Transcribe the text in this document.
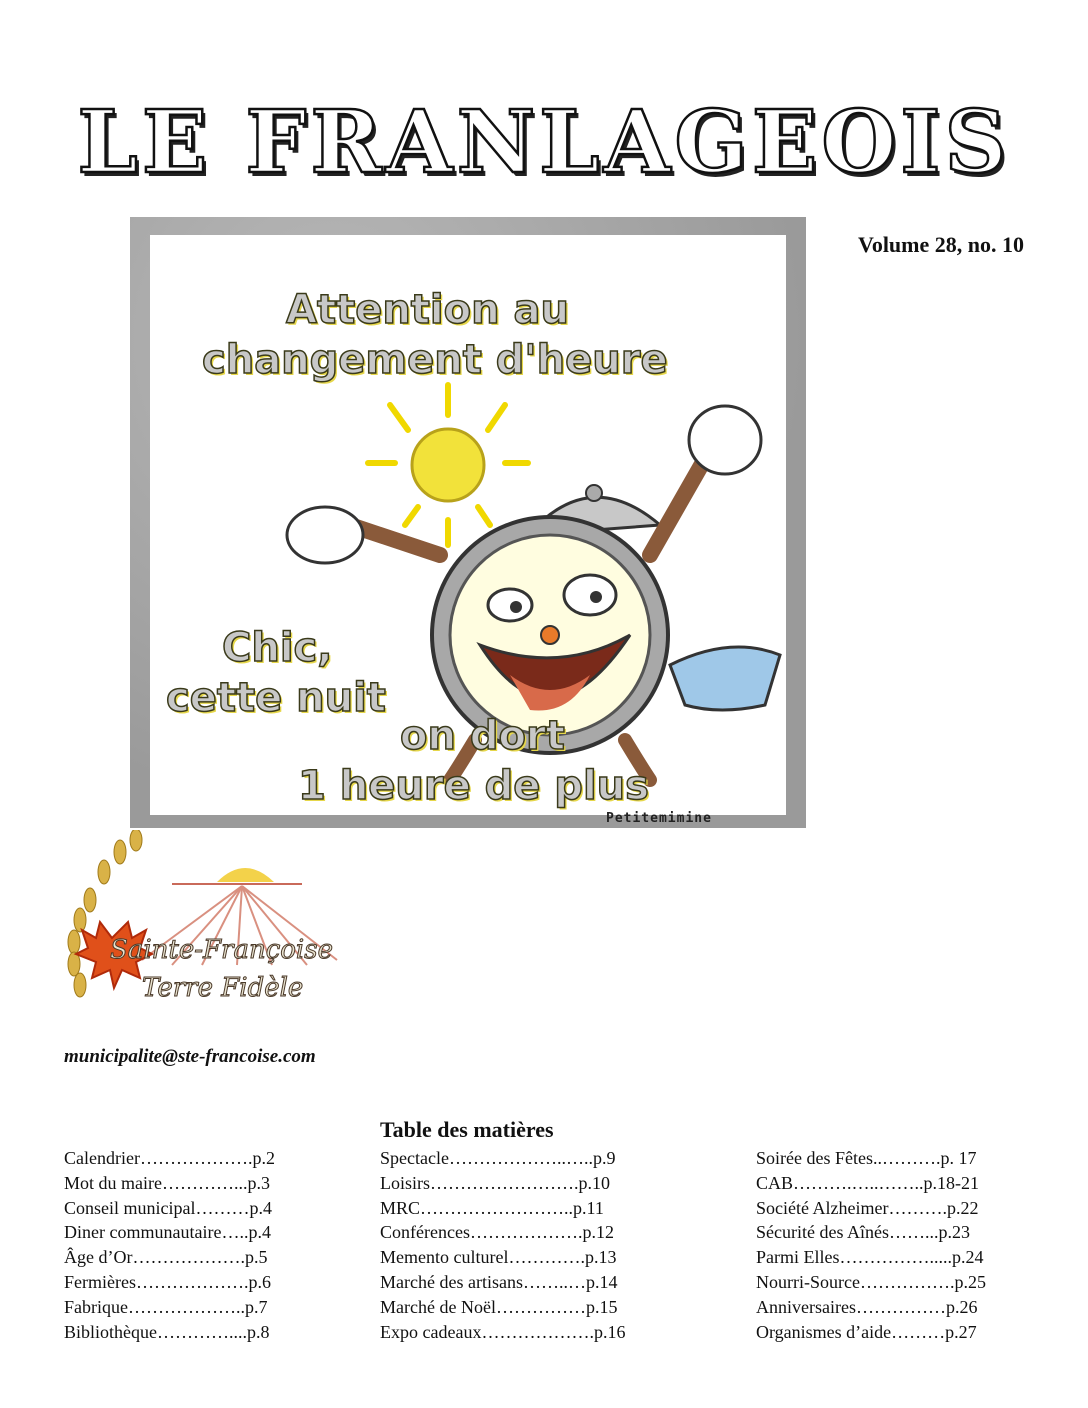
LE FRANLAGEOIS
Volume 28, no. 10
Attention au
changement d'heure
Chic,
cette nuit
on dort
1 heure de plus
Petitemimine
Sainte-Françoise
Terre Fidèle
municipalite@ste-francoise.com
Table des matières
Calendrier……………….p.2
Mot du maire…………...p.3
Conseil municipal………p.4
Diner communautaire…..p.4
Âge d’Or……………….p.5
Fermières……………….p.6
Fabrique………………..p.7
Bibliothèque…………....p.8
Spectacle………………..…..p.9
Loisirs…………………….p.10
MRC……………………..p.11
Conférences……………….p.12
Memento culturel………….p.13
Marché des artisans……..…p.14
Marché de Noël……………p.15
Expo cadeaux……………….p.16
Soirée des Fêtes..……….p. 17
CAB……….…..……..p.18-21
Société Alzheimer……….p.22
Sécurité des Aînés……...p.23
Parmi Elles…………….....p.24
Nourri-Source…………….p.25
Anniversaires……………p.26
Organismes d’aide………p.27
